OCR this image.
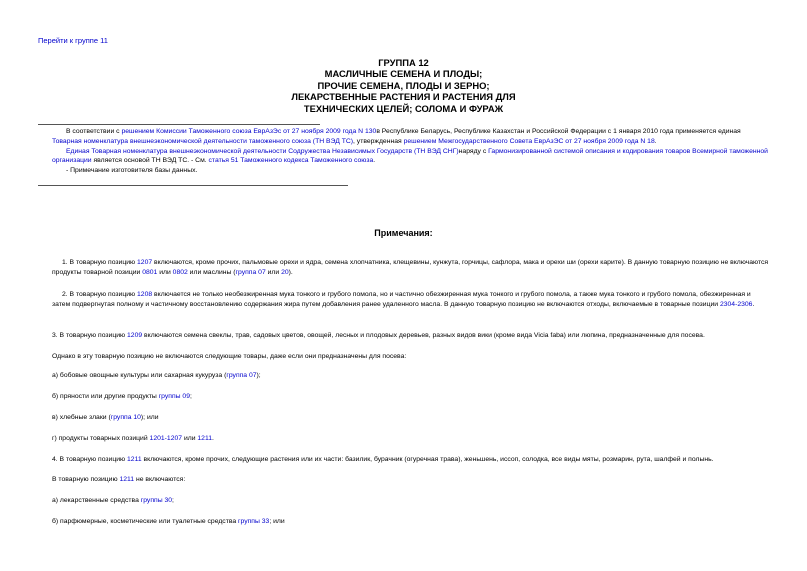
Перейти к группе 11
ГРУППА 12
МАСЛИЧНЫЕ СЕМЕНА И ПЛОДЫ;
ПРОЧИЕ СЕМЕНА, ПЛОДЫ И ЗЕРНО;
ЛЕКАРСТВЕННЫЕ РАСТЕНИЯ И РАСТЕНИЯ ДЛЯ
ТЕХНИЧЕСКИХ ЦЕЛЕЙ; СОЛОМА И ФУРАЖ

В соответствии с решением Комиссии Таможенного союза ЕврАзЭс от 27 ноября 2009 года N 130в Республике Беларусь, Республике Казахстан и Российской Федерации с 1 января 2010 года применяется единая Товарная номенклатура внешнеэкономической деятельности таможенного союза (ТН ВЭД ТС), утвержденная решением Межгосударственного Совета ЕврАзЭС от 27 ноября 2009 года N 18.

Единая Товарная номенклатура внешнеэкономической деятельности Содружества Независимых Государств (ТН ВЭД СНГ)наряду с Гармонизированной системой описания и кодирования товаров Всемирной таможенной организации является основой ТН ВЭД ТС. - См. статья 51 Таможенного кодекса Таможенного союза.

- Примечание изготовителя базы данных.

Примечания:
1. В товарную позицию 1207 включаются, кроме прочих, пальмовые орехи и ядра, семена хлопчатника, клещевины, кунжута, горчицы, сафлора, мака и орехи ши (орехи карите). В данную товарную позицию не включаются продукты товарной позиции 0801 или 0802 или маслины (группа 07 или 20).
2. В товарную позицию 1208 включается не только необезжиренная мука тонкого и грубого помола, но и частично обезжиренная мука тонкого и грубого помола, а также мука тонкого и грубого помола, обезжиренная и затем подвергнутая полному и частичному восстановлению содержания жира путем добавления ранее удаленного масла. В данную товарную позицию не включаются отходы, включаемые в товарные позиции 2304-2306.
3. В товарную позицию 1209 включаются семена свеклы, трав, садовых цветов, овощей, лесных и плодовых деревьев, разных видов вики (кроме вида Vicia faba) или люпина, предназначенные для посева.
Однако в эту товарную позицию не включаются следующие товары, даже если они предназначены для посева:
а) бобовые овощные культуры или сахарная кукуруза (группа 07);
б) пряности или другие продукты группы 09;
в) хлебные злаки (группа 10); или
г) продукты товарных позиций 1201-1207 или 1211.
4. В товарную позицию 1211 включаются, кроме прочих, следующие растения или их части: базилик, бурачник (огуречная трава), женьшень, иссоп, солодка, все виды мяты, розмарин, рута, шалфей и полынь.
В товарную позицию 1211 не включаются:
а) лекарственные средства группы 30;
б) парфюмерные, косметические или туалетные средства группы 33; или
